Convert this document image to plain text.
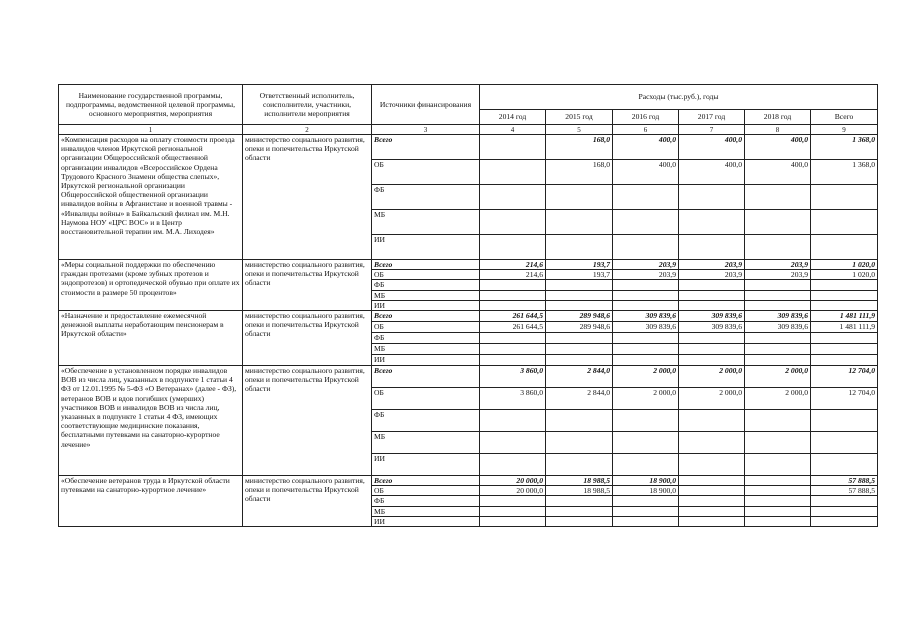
Наименование государственной программы, подпрограммы, ведомственной целевой программы, основного мероприятия, мероприятия	Ответственный исполнитель, соисполнители, участники, исполнители мероприятия	Источники финансирования	Расходы (тыс.руб.), годы					
			2014 год	2015 год	2016 год	2017 год	2018 год	Всего
1	2	3	4	5	6	7	8	9
«Компенсация расходов на оплату стоимости проезда инвалидов членов Иркутской региональной организации Общероссийской общественной организации инвалидов «Всероссийское Ордена Трудового Красного Знамени общества слепых», Иркутской региональной организации Общероссийской общественной организации инвалидов войны в Афганистане и военной травмы - «Инвалиды войны» в Байкальский филиал им. М.Н. Наумова НОУ «ЦРС ВОС» и в Центр восстановительной терапии им. М.А. Лиходея»	министерство социального развития, опеки и попечительства Иркутской области	Всего		168,0	400,0	400,0	400,0	1 368,0
		ОБ		168,0	400,0	400,0	400,0	1 368,0
		ФБ						
		МБ						
		ИИ						
«Меры социальной поддержки по обеспечению граждан протезами (кроме зубных протезов и эндопротезов) и ортопедической обувью при оплате их стоимости в размере 50 процентов»	министерство социального развития, опеки и попечительства Иркутской области	Всего	214,6	193,7	203,9	203,9	203,9	1 020,0
		ОБ	214,6	193,7	203,9	203,9	203,9	1 020,0
		ФБ						
		МБ						
		ИИ						
«Назначение и предоставление ежемесячной денежной выплаты неработающим пенсионерам в Иркутской области»	министерство социального развития, опеки и попечительства Иркутской области	Всего	261 644,5	289 948,6	309 839,6	309 839,6	309 839,6	1 481 111,9
		ОБ	261 644,5	289 948,6	309 839,6	309 839,6	309 839,6	1 481 111,9
		ФБ						
		МБ						
		ИИ						
«Обеспечение в установленном порядке инвалидов ВОВ из числа лиц, указанных в подпункте 1 статьи 4 ФЗ от 12.01.1995 № 5-ФЗ «О Ветеранах» (далее - ФЗ), ветеранов ВОВ и вдов погибших (умерших) участников ВОВ и инвалидов ВОВ из числа лиц, указанных в подпункте 1 статьи 4 ФЗ, имеющих соответствующие медицинские показания, бесплатными путевками на санаторно-курортное лечение»	министерство социального развития, опеки и попечительства Иркутской области	Всего	3 860,0	2 844,0	2 000,0	2 000,0	2 000,0	12 704,0
		ОБ	3 860,0	2 844,0	2 000,0	2 000,0	2 000,0	12 704,0
		ФБ						
		МБ						
		ИИ						
«Обеспечение ветеранов труда в Иркутской области путевками на санаторно-курортное лечение»	министерство социального развития, опеки и попечительства Иркутской области	Всего	20 000,0	18 988,5	18 900,0			57 888,5
		ОБ	20 000,0	18 988,5	18 900,0			57 888,5
		ФБ						
		МБ						
		ИИ						
